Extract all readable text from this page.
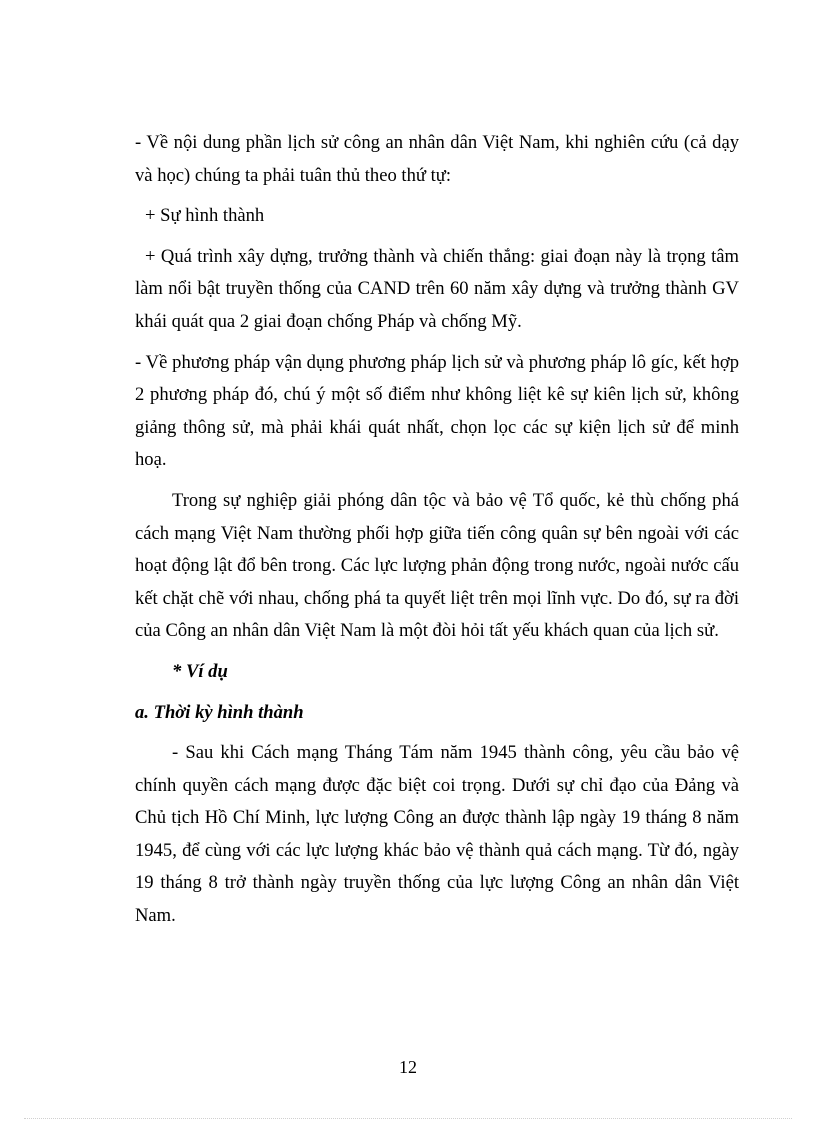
- Về nội dung phần lịch sử công an nhân dân Việt Nam, khi nghiên cứu (cả dạy và học) chúng ta phải tuân thủ theo thứ tự:

+ Sự hình thành

+ Quá trình xây dựng, trưởng thành và chiến thắng: giai đoạn này là trọng tâm làm nổi bật truyền thống của CAND trên 60 năm xây dựng và trưởng thành GV khái quát qua 2 giai đoạn chống Pháp và chống Mỹ.

- Về phương pháp vận dụng phương pháp lịch sử và phương pháp lô gíc, kết hợp 2 phương pháp đó, chú ý một số điểm như không liệt kê sự kiên lịch sử, không giảng thông sử, mà phải khái quát nhất, chọn lọc các sự kiện lịch sử để minh hoạ.

Trong sự nghiệp giải phóng dân tộc và bảo vệ Tổ quốc, kẻ thù chống phá cách mạng Việt Nam thường phối hợp giữa tiến công quân sự bên ngoài với các hoạt động lật đổ bên trong. Các lực lượng phản động trong nước, ngoài nước cấu kết chặt chẽ với nhau, chống phá ta quyết liệt trên mọi lĩnh vực. Do đó, sự ra đời của Công an nhân dân Việt Nam là một đòi hỏi tất yếu khách quan của lịch sử.

* Ví dụ

a. Thời kỳ hình thành

- Sau khi Cách mạng Tháng Tám năm 1945 thành công, yêu cầu bảo vệ chính quyền cách mạng được đặc biệt coi trọng. Dưới sự chỉ đạo của Đảng và Chủ tịch Hồ Chí Minh, lực lượng Công an được thành lập ngày 19 tháng 8 năm 1945, để cùng với các lực lượng khác bảo vệ thành quả cách mạng. Từ đó, ngày 19 tháng 8 trở thành ngày truyền thống của lực lượng Công an nhân dân Việt Nam.

12
